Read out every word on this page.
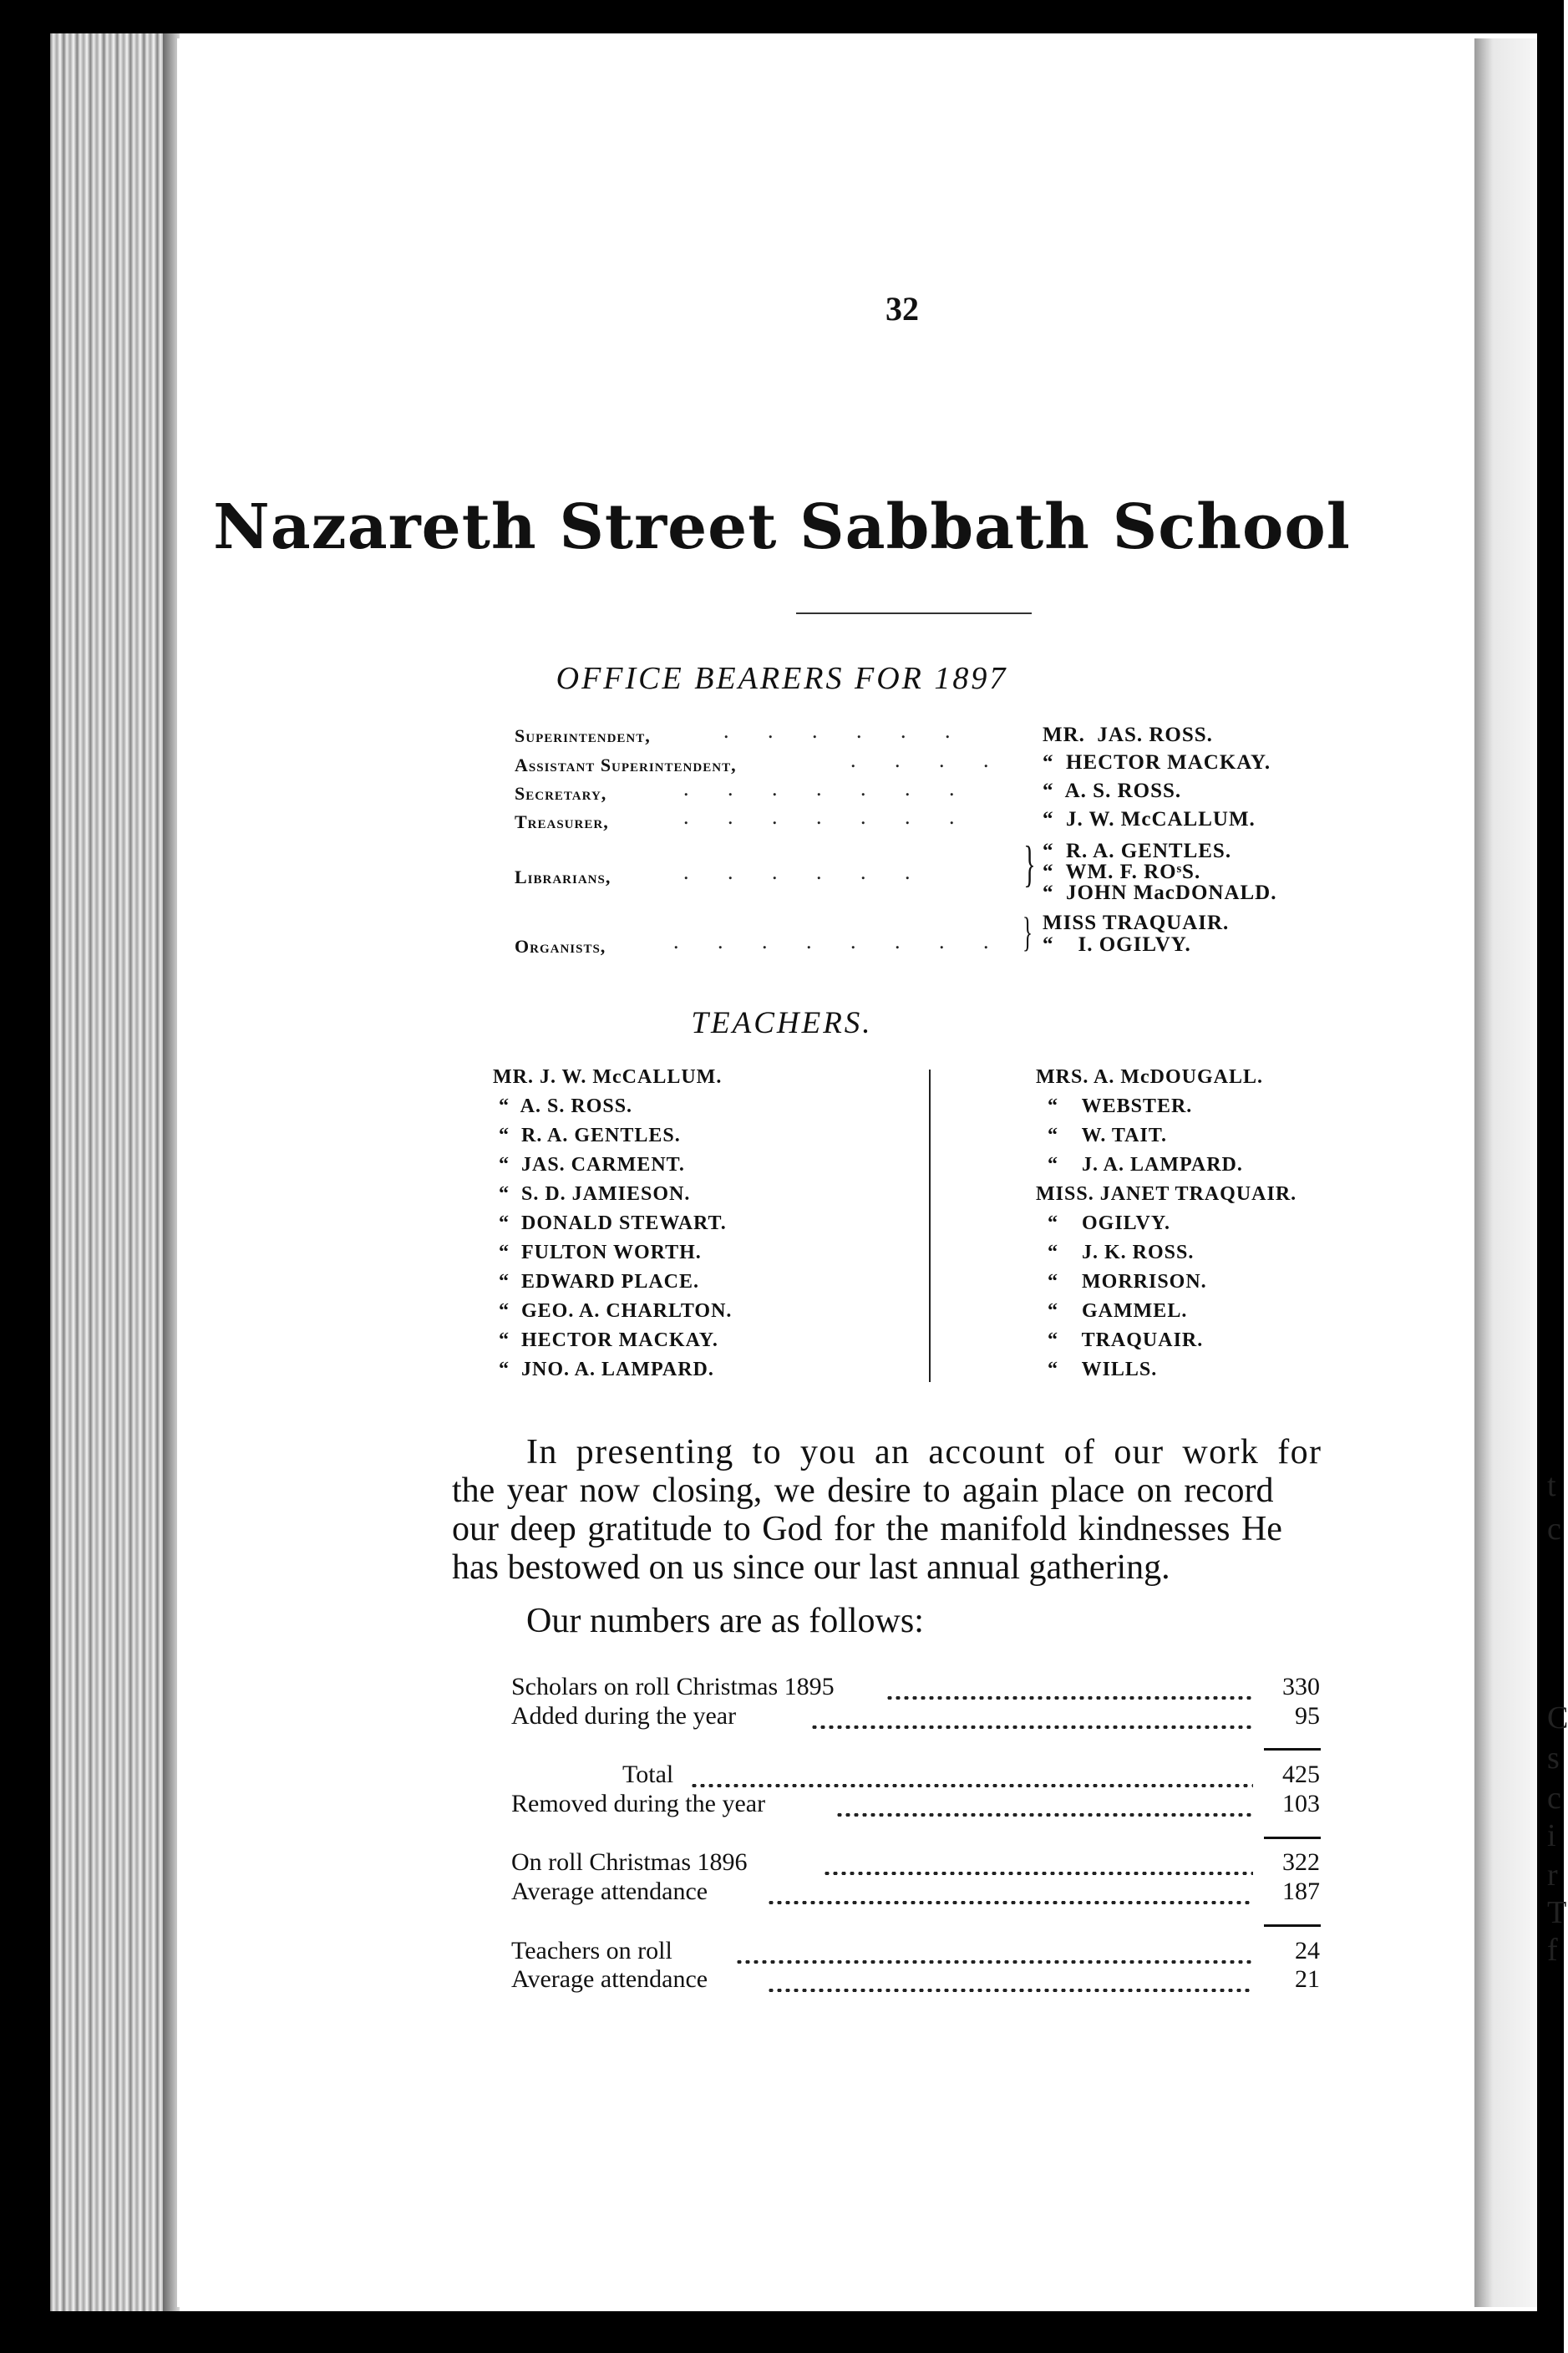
t
c
C
s
c
i
r
T
f
32
Nazareth Street Sabbath School
OFFICE BEARERS FOR 1897
Superintendent,	. . . . . .	MR.  JAS. ROSS.
Assistant Superintendent,	. . . . “  HECTOR MACKAY.
Secretary,	. . . . . . .	“  A. S. ROSS.
Treasurer,	. . . . . . .	“  J. W. McCALLUM.
Librarians,	. . . . . . } “  R. A. GENTLES.
“  WM. F. ROˢS.
“  JOHN MacDONALD.
Organists,	. . . . . . . . } MISS TRAQUAIR.
“    I. OGILVY.
TEACHERS.
MR. J. W. McCALLUM.
“  A. S. ROSS.
“  R. A. GENTLES.
“  JAS. CARMENT.
“  S. D. JAMIESON.
“  DONALD STEWART.
“  FULTON WORTH.
“  EDWARD PLACE.
“  GEO. A. CHARLTON.
“  HECTOR MACKAY.
“  JNO. A. LAMPARD.
MRS. A. McDOUGALL.
“    WEBSTER.
“    W. TAIT.
“    J. A. LAMPARD.
MISS. JANET TRAQUAIR.
“    OGILVY.
“    J. K. ROSS.
“    MORRISON.
“    GAMMEL.
“    TRAQUAIR.
“    WILLS.
In presenting to you an account of our work for
the year now closing, we desire to again place on record
our deep gratitude to God for the manifold kindnesses He
has bestowed on us since our last annual gathering.
Our numbers are as follows:
Scholars on roll Christmas 1895	330
Added during the year	95
Total	425
Removed during the year	103
On roll Christmas 1896	322
Average attendance	187
Teachers on roll	24
Average attendance	21
